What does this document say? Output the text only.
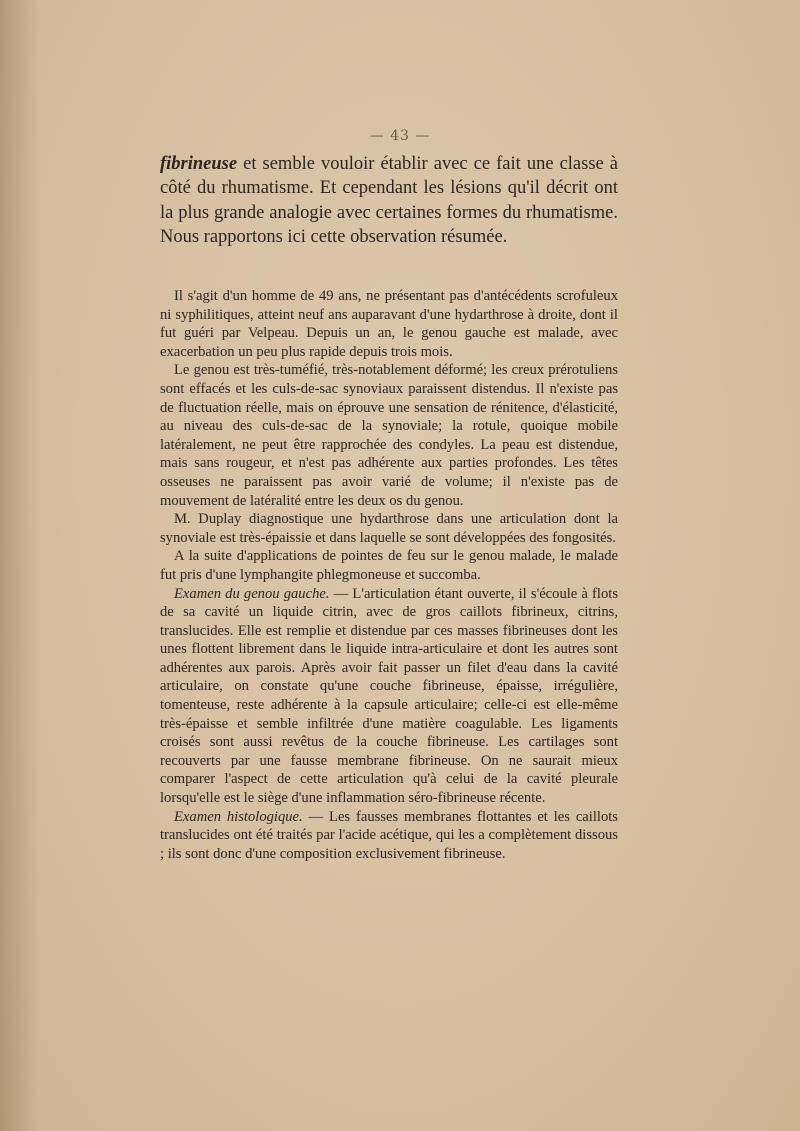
— 43 —

fibrineuse et semble vouloir établir avec ce fait une classe à côté du rhumatisme. Et cependant les lésions qu'il décrit ont la plus grande analogie avec certaines formes du rhumatisme. Nous rapportons ici cette observation résumée.

Il s'agit d'un homme de 49 ans, ne présentant pas d'antécédents scrofuleux ni syphilitiques, atteint neuf ans auparavant d'une hydarthrose à droite, dont il fut guéri par Velpeau. Depuis un an, le genou gauche est malade, avec exacerbation un peu plus rapide depuis trois mois.

Le genou est très-tuméfié, très-notablement déformé; les creux prérotuliens sont effacés et les culs-de-sac synoviaux paraissent distendus. Il n'existe pas de fluctuation réelle, mais on éprouve une sensation de rénitence, d'élasticité, au niveau des culs-de-sac de la synoviale; la rotule, quoique mobile latéralement, ne peut être rapprochée des condyles. La peau est distendue, mais sans rougeur, et n'est pas adhérente aux parties profondes. Les têtes osseuses ne paraissent pas avoir varié de volume; il n'existe pas de mouvement de latéralité entre les deux os du genou.

M. Duplay diagnostique une hydarthrose dans une articulation dont la synoviale est très-épaissie et dans laquelle se sont développées des fongosités.

A la suite d'applications de pointes de feu sur le genou malade, le malade fut pris d'une lymphangite phlegmoneuse et succomba.

Examen du genou gauche. — L'articulation étant ouverte, il s'écoule à flots de sa cavité un liquide citrin, avec de gros caillots fibrineux, citrins, translucides. Elle est remplie et distendue par ces masses fibrineuses dont les unes flottent librement dans le liquide intra-articulaire et dont les autres sont adhérentes aux parois. Après avoir fait passer un filet d'eau dans la cavité articulaire, on constate qu'une couche fibrineuse, épaisse, irrégulière, tomenteuse, reste adhérente à la capsule articulaire; celle-ci est elle-même très-épaisse et semble infiltrée d'une matière coagulable. Les ligaments croisés sont aussi revêtus de la couche fibrineuse. Les cartilages sont recouverts par une fausse membrane fibrineuse. On ne saurait mieux comparer l'aspect de cette articulation qu'à celui de la cavité pleurale lorsqu'elle est le siège d'une inflammation séro-fibrineuse récente.

Examen histologique. — Les fausses membranes flottantes et les caillots translucides ont été traités par l'acide acétique, qui les a complètement dissous ; ils sont donc d'une composition exclusivement fibrineuse.
